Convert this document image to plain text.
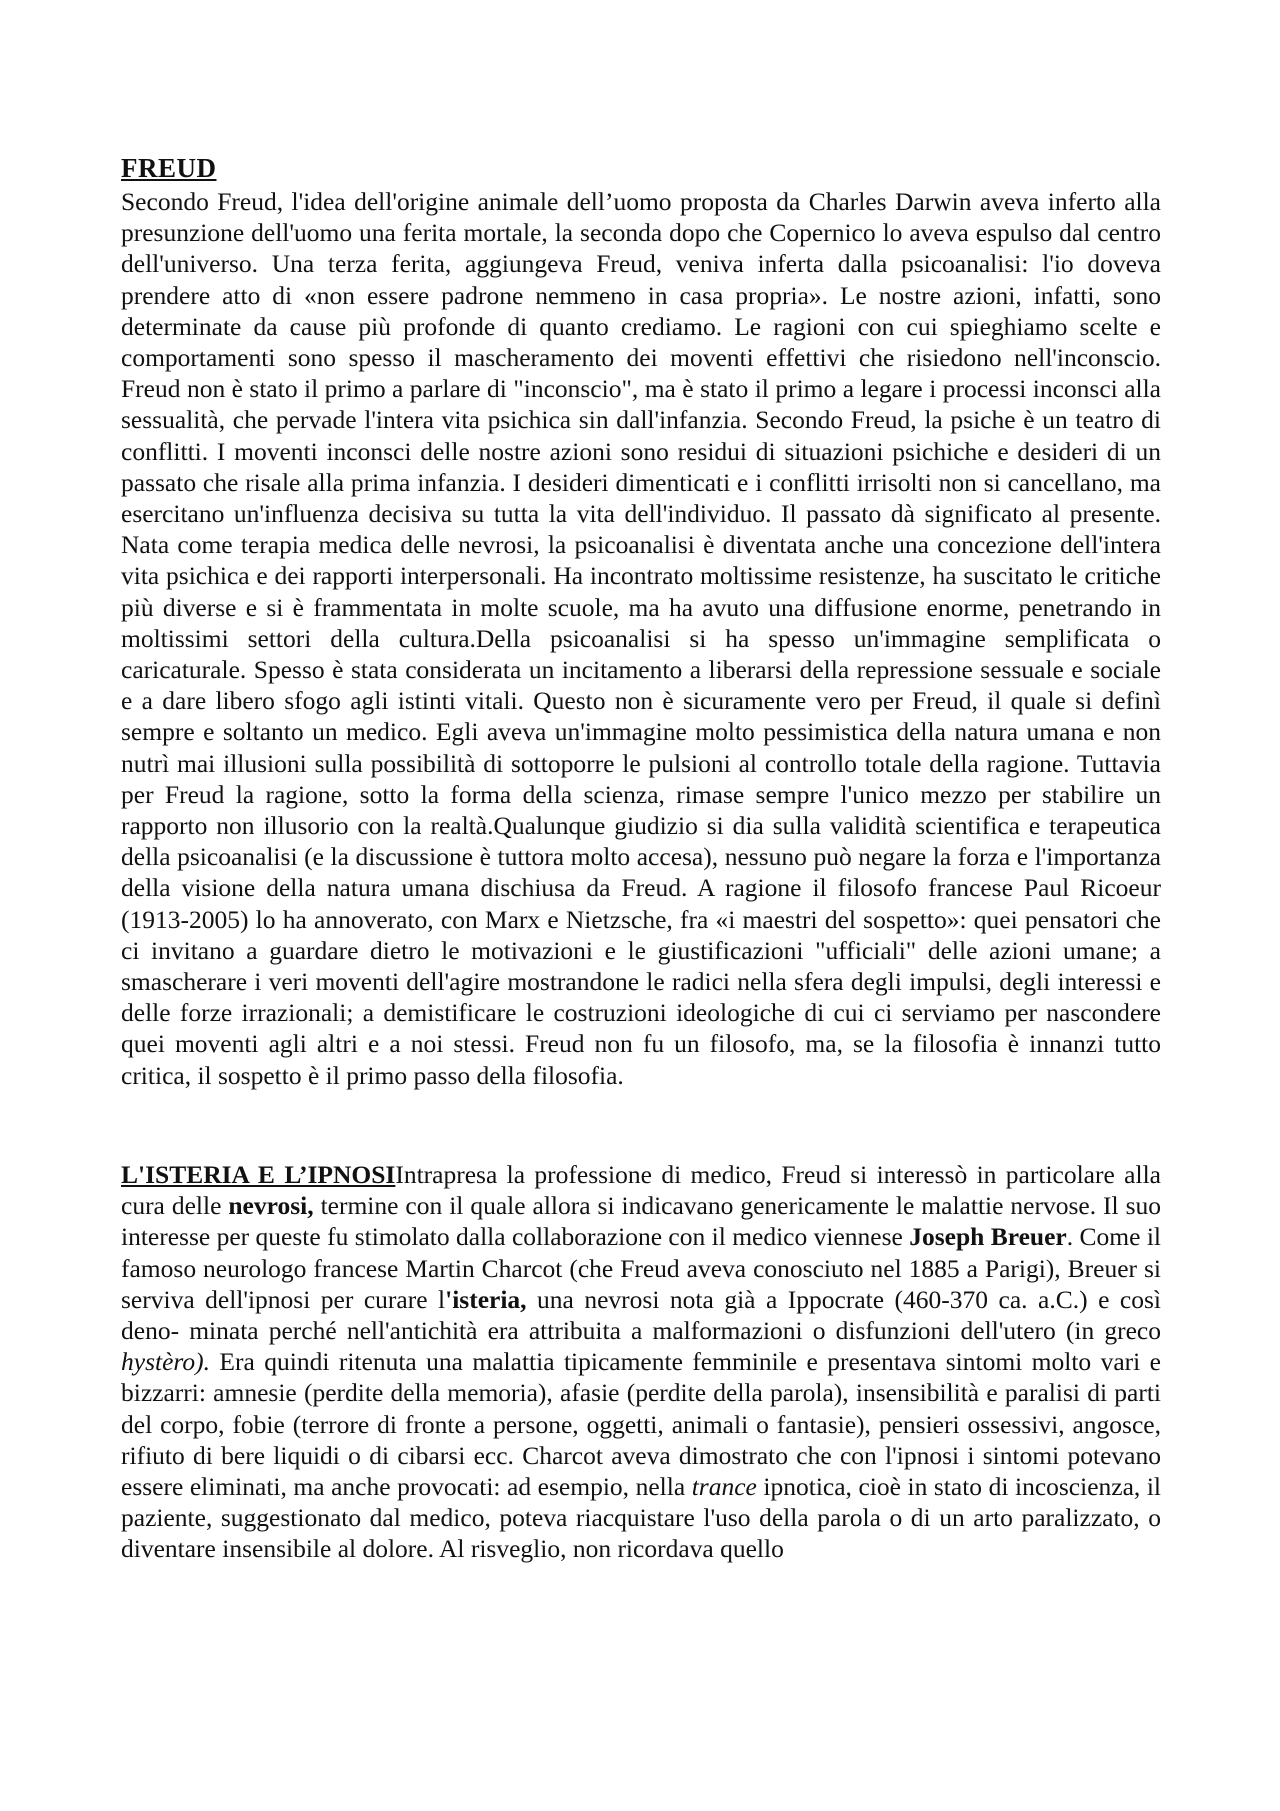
FREUD

Secondo Freud, l'idea dell'origine animale dell’uomo proposta da Charles Darwin aveva inferto alla presunzione dell'uomo una ferita mortale, la seconda dopo che Copernico lo aveva espulso dal centro dell'universo. Una terza ferita, aggiungeva Freud, veniva inferta dalla psicoanalisi: l'io doveva prendere atto di «non essere padrone nemmeno in casa propria». Le nostre azioni, infatti, sono determinate da cause più profonde di quanto crediamo. Le ragioni con cui spieghiamo scelte e comportamenti sono spesso il mascheramento dei moventi effettivi che risiedono nell'inconscio. Freud non è stato il primo a parlare di "inconscio", ma è stato il primo a legare i processi inconsci alla sessualità, che pervade l'intera vita psichica sin dall'infanzia. Secondo Freud, la psiche è un teatro di conflitti. I moventi inconsci delle nostre azioni sono residui di situazioni psichiche e desideri di un passato che risale alla prima infanzia. I desideri dimenticati e i conflitti irrisolti non si cancellano, ma esercitano un'influenza decisiva su tutta la vita dell'individuo. Il passato dà significato al presente. Nata come terapia medica delle nevrosi, la psicoanalisi è diventata anche una concezione dell'intera vita psichica e dei rapporti interpersonali. Ha incontrato moltissime resistenze, ha suscitato le critiche più diverse e si è frammentata in molte scuole, ma ha avuto una diffusione enorme, penetrando in moltissimi settori della cultura.Della psicoanalisi si ha spesso un'immagine semplificata o caricaturale. Spesso è stata considerata un incitamento a liberarsi della repressione sessuale e sociale e a dare libero sfogo agli istinti vitali. Questo non è sicuramente vero per Freud, il quale si definì sempre e soltanto un medico. Egli aveva un'immagine molto pessimistica della natura umana e non nutrì mai illusioni sulla possibilità di sottoporre le pulsioni al controllo totale della ragione. Tuttavia per Freud la ragione, sotto la forma della scienza, rimase sempre l'unico mezzo per stabilire un rapporto non illusorio con la realtà.Qualunque giudizio si dia sulla validità scientifica e terapeutica della psicoanalisi (e la discussione è tuttora molto accesa), nessuno può negare la forza e l'importanza della visione della natura umana dischiusa da Freud. A ragione il filosofo francese Paul Ricoeur (1913-2005) lo ha annoverato, con Marx e Nietzsche, fra «i maestri del sospetto»: quei pensatori che ci invitano a guardare dietro le motivazioni e le giustificazioni "ufficiali" delle azioni umane; a smascherare i veri moventi dell'agire mostrandone le radici nella sfera degli impulsi, degli interessi e delle forze irrazionali; a demistificare le costruzioni ideologiche di cui ci serviamo per nascondere quei moventi agli altri e a noi stessi. Freud non fu un filosofo, ma, se la filosofia è innanzi tutto critica, il sospetto è il primo passo della filosofia.

L'ISTERIA E L’IPNOSIIntrapresa la professione di medico, Freud si interessò in particolare alla cura delle nevrosi, termine con il quale allora si indicavano genericamente le malattie nervose. Il suo interesse per queste fu stimolato dalla collaborazione con il medico viennese Joseph Breuer. Come il famoso neurologo francese Martin Charcot (che Freud aveva conosciuto nel 1885 a Parigi), Breuer si serviva dell'ipnosi per curare l'isteria, una nevrosi nota già a Ippocrate (460-370 ca. a.C.) e così deno- minata perché nell'antichità era attribuita a malformazioni o disfunzioni dell'utero (in greco hystèro). Era quindi ritenuta una malattia tipicamente femminile e presentava sintomi molto vari e bizzarri: amnesie (perdite della memoria), afasie (perdite della parola), insensibilità e paralisi di parti del corpo, fobie (terrore di fronte a persone, oggetti, animali o fantasie), pensieri ossessivi, angosce, rifiuto di bere liquidi o di cibarsi ecc. Charcot aveva dimostrato che con l'ipnosi i sintomi potevano essere eliminati, ma anche provocati: ad esempio, nella trance ipnotica, cioè in stato di incoscienza, il paziente, suggestionato dal medico, poteva riacquistare l'uso della parola o di un arto paralizzato, o diventare insensibile al dolore. Al risveglio, non ricordava quello
